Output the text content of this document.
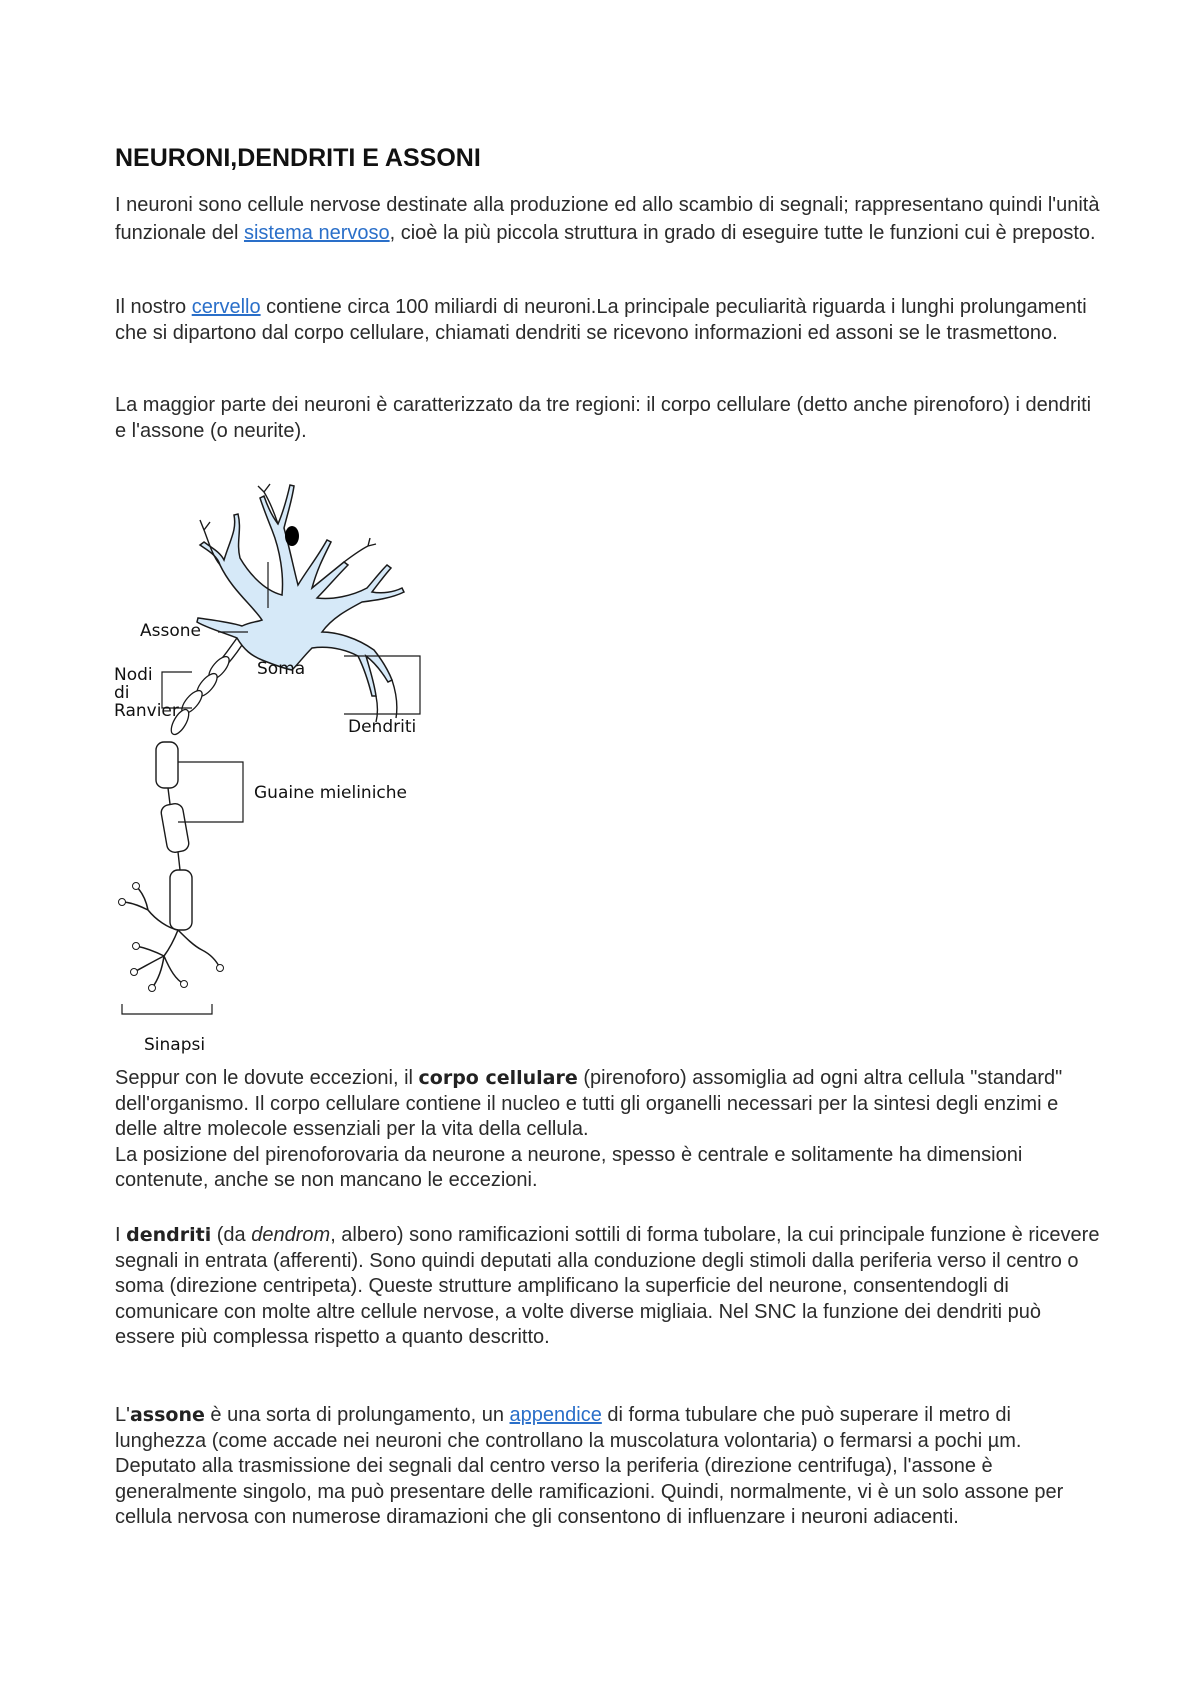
NEURONI,DENDRITI E ASSONI

I neuroni sono cellule nervose destinate alla produzione ed allo scambio di segnali; rappresentano quindi l'unità funzionale del sistema nervoso, cioè la più piccola struttura in grado di eseguire tutte le funzioni cui è preposto.

Il nostro cervello contiene circa 100 miliardi di neuroni.La principale peculiarità riguarda i lunghi prolungamenti che si dipartono dal corpo cellulare, chiamati dendriti se ricevono informazioni ed assoni se le trasmettono.

La maggior parte dei neuroni è caratterizzato da tre regioni: il corpo cellulare (detto anche pirenoforo) i dendriti e l'assone (o neurite).

Assone
Nodi
di
Ranvier
Soma
Dendriti
Guaine mieliniche
Sinapsi
Seppur con le dovute eccezioni, il corpo cellulare (pirenoforo) assomiglia ad ogni altra cellula "standard" dell'organismo. Il corpo cellulare contiene il nucleo e tutti gli organelli necessari per la sintesi degli enzimi e delle altre molecole essenziali per la vita della cellula.
La posizione del pirenoforovaria da neurone a neurone, spesso è centrale e solitamente ha dimensioni contenute, anche se non mancano le eccezioni.

I dendriti (da dendrom, albero) sono ramificazioni sottili di forma tubolare, la cui principale funzione è ricevere segnali in entrata (afferenti). Sono quindi deputati alla conduzione degli stimoli dalla periferia verso il centro o soma (direzione centripeta). Queste strutture amplificano la superficie del neurone, consentendogli di comunicare con molte altre cellule nervose, a volte diverse migliaia. Nel SNC la funzione dei dendriti può essere più complessa rispetto a quanto descritto.

L'assone è una sorta di prolungamento, un appendice di forma tubulare che può superare il metro di lunghezza (come accade nei neuroni che controllano la muscolatura volontaria) o fermarsi a pochi µm. Deputato alla trasmissione dei segnali dal centro verso la periferia (direzione centrifuga), l'assone è generalmente singolo, ma può presentare delle ramificazioni. Quindi, normalmente, vi è un solo assone per cellula nervosa con numerose diramazioni che gli consentono di influenzare i neuroni adiacenti.
